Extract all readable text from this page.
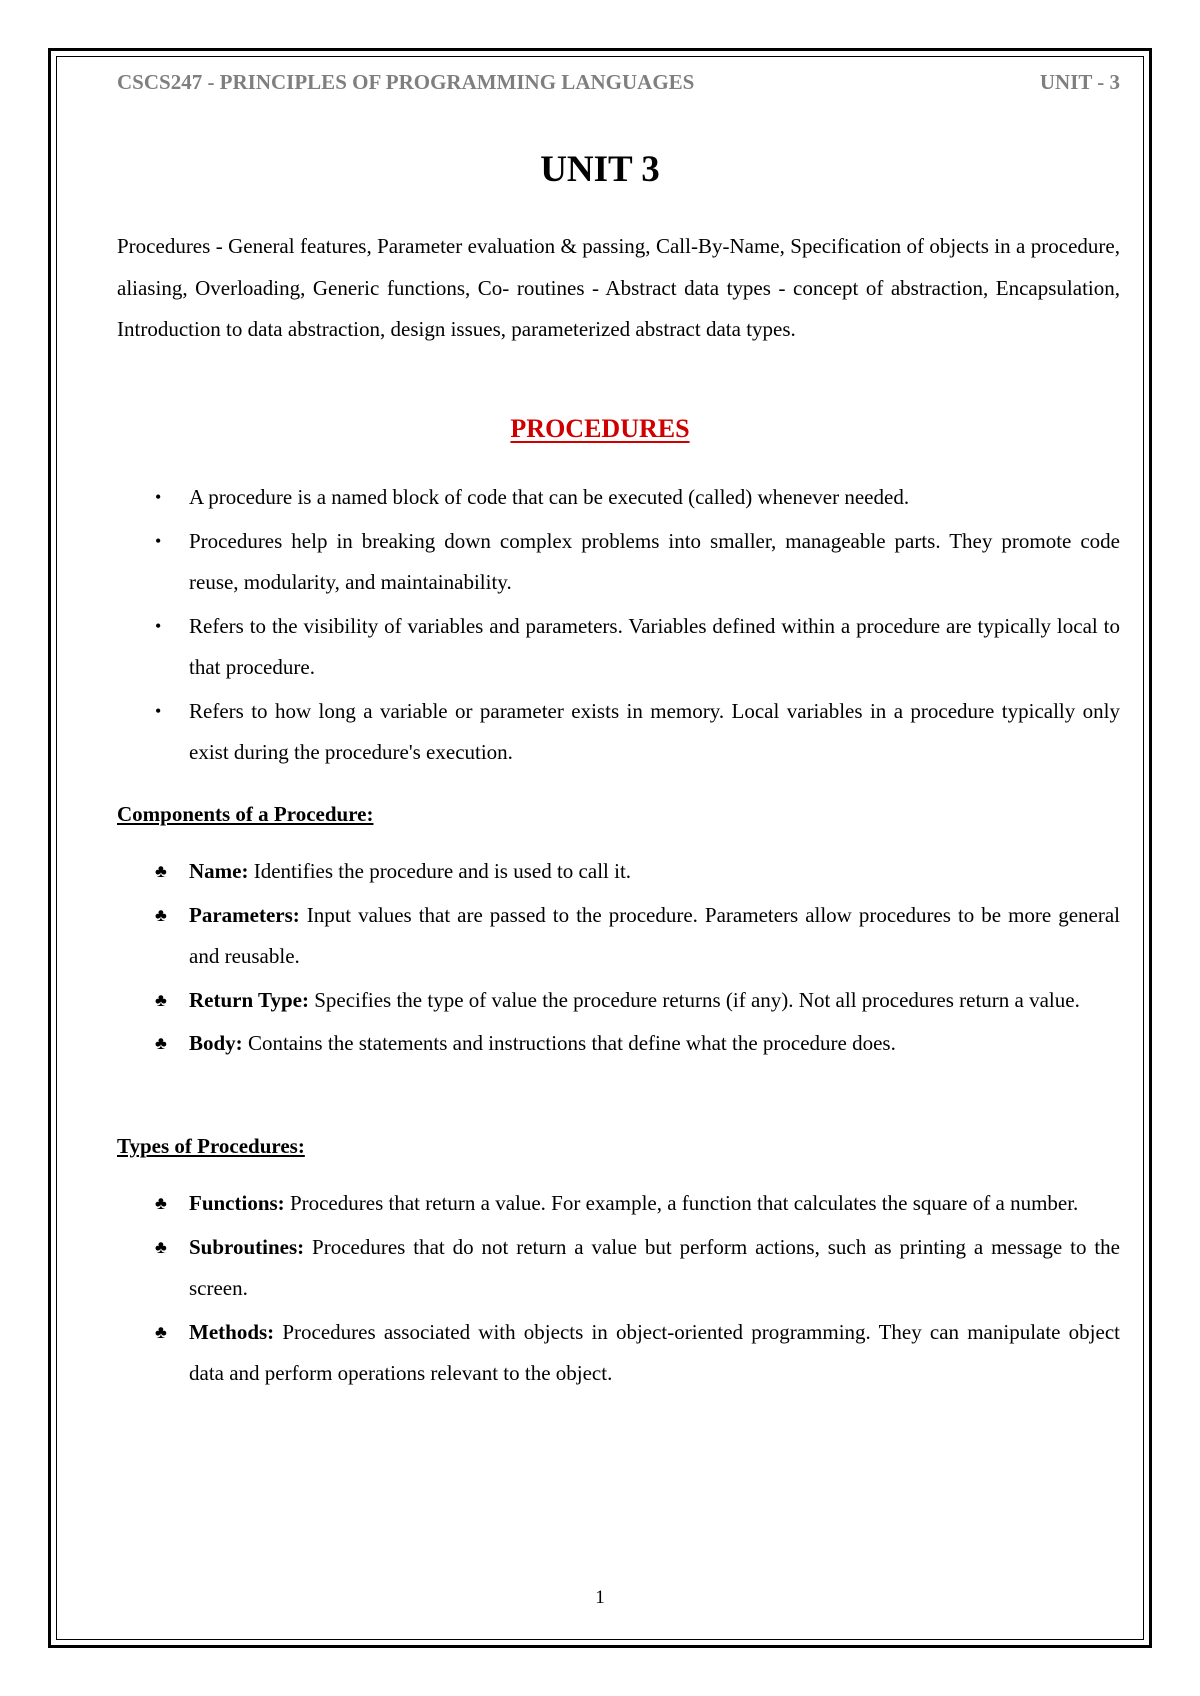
CSCS247 - PRINCIPLES OF PROGRAMMING LANGUAGES	UNIT - 3
UNIT 3

Procedures - General features, Parameter evaluation & passing, Call-By-Name, Specification of objects in a procedure, aliasing, Overloading, Generic functions, Co- routines - Abstract data types - concept of abstraction, Encapsulation, Introduction to data abstraction, design issues, parameterized abstract data types.

PROCEDURES
• A procedure is a named block of code that can be executed (called) whenever needed.
• Procedures help in breaking down complex problems into smaller, manageable parts. They promote code reuse, modularity, and maintainability.
• Refers to the visibility of variables and parameters. Variables defined within a procedure are typically local to that procedure.
• Refers to how long a variable or parameter exists in memory. Local variables in a procedure typically only exist during the procedure's execution.
Components of a Procedure:
♣ Name: Identifies the procedure and is used to call it.
♣ Parameters: Input values that are passed to the procedure. Parameters allow procedures to be more general and reusable.
♣ Return Type: Specifies the type of value the procedure returns (if any). Not all procedures return a value.
♣ Body: Contains the statements and instructions that define what the procedure does.
Types of Procedures:
♣ Functions: Procedures that return a value. For example, a function that calculates the square of a number.
♣ Subroutines: Procedures that do not return a value but perform actions, such as printing a message to the screen.
♣ Methods: Procedures associated with objects in object-oriented programming. They can manipulate object data and perform operations relevant to the object.
1
